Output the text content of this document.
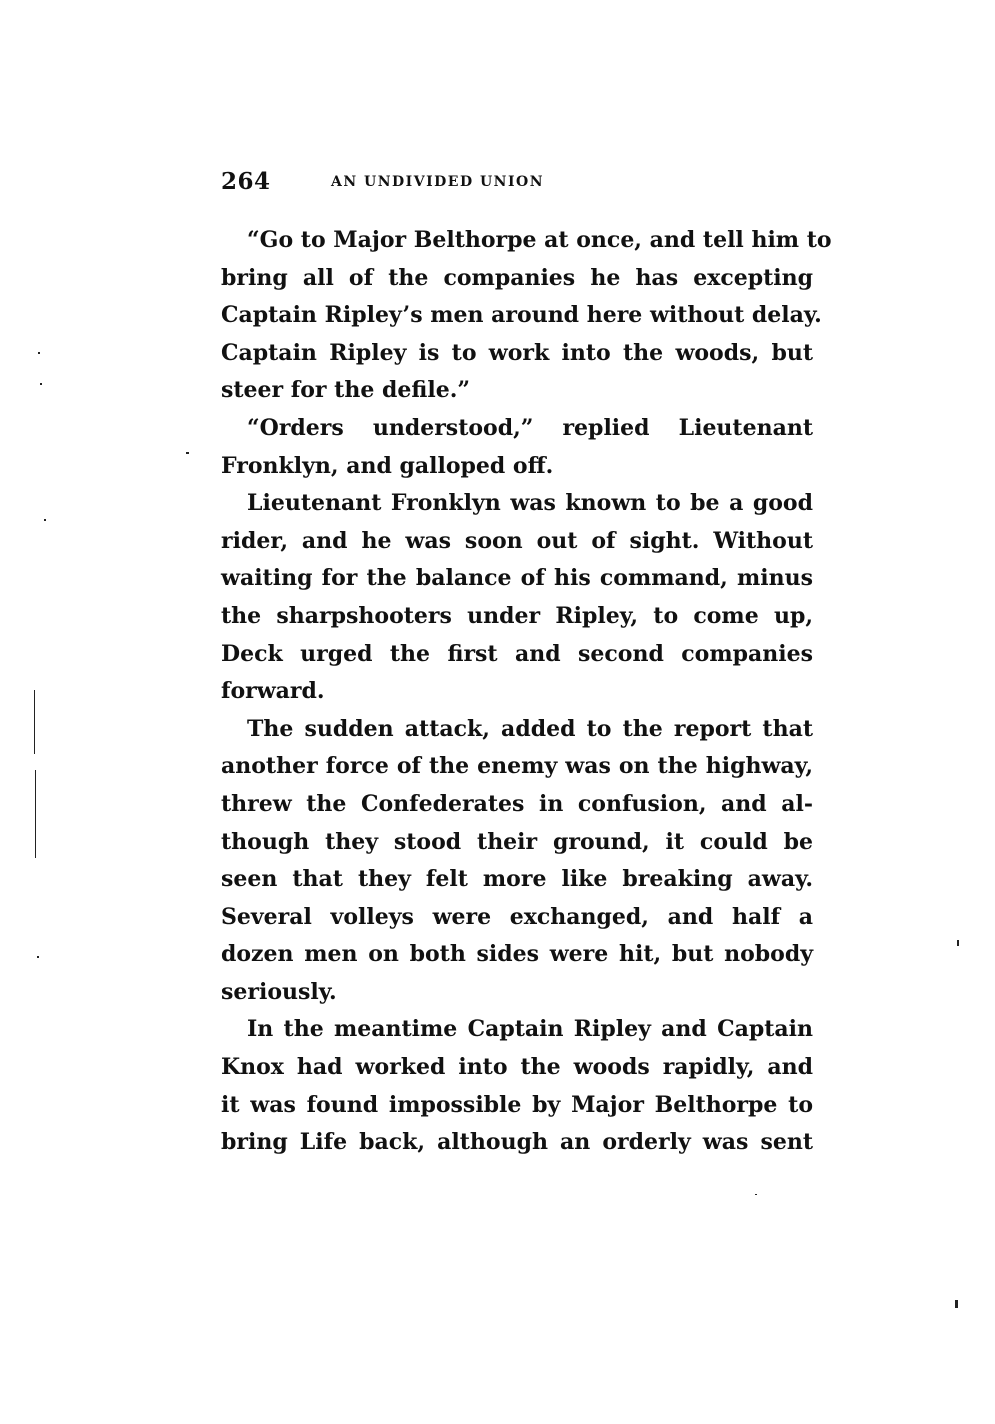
264	AN UNDIVIDED UNION
“Go to Major Belthorpe at once, and tell him to
bring all of the companies he has excepting
Captain Ripley’s men around here without delay.
Captain Ripley is to work into the woods, but
steer for the defile.”
“Orders understood,” replied Lieutenant
Fronklyn, and galloped off.
Lieutenant Fronklyn was known to be a good
rider, and he was soon out of sight. Without
waiting for the balance of his command, minus
the sharpshooters under Ripley, to come up,
Deck urged the first and second companies
forward.
The sudden attack, added to the report that
another force of the enemy was on the highway,
threw the Confederates in confusion, and al-
though they stood their ground, it could be
seen that they felt more like breaking away.
Several volleys were exchanged, and half a
dozen men on both sides were hit, but nobody
seriously.
In the meantime Captain Ripley and Captain
Knox had worked into the woods rapidly, and
it was found impossible by Major Belthorpe to
bring Life back, although an orderly was sent
